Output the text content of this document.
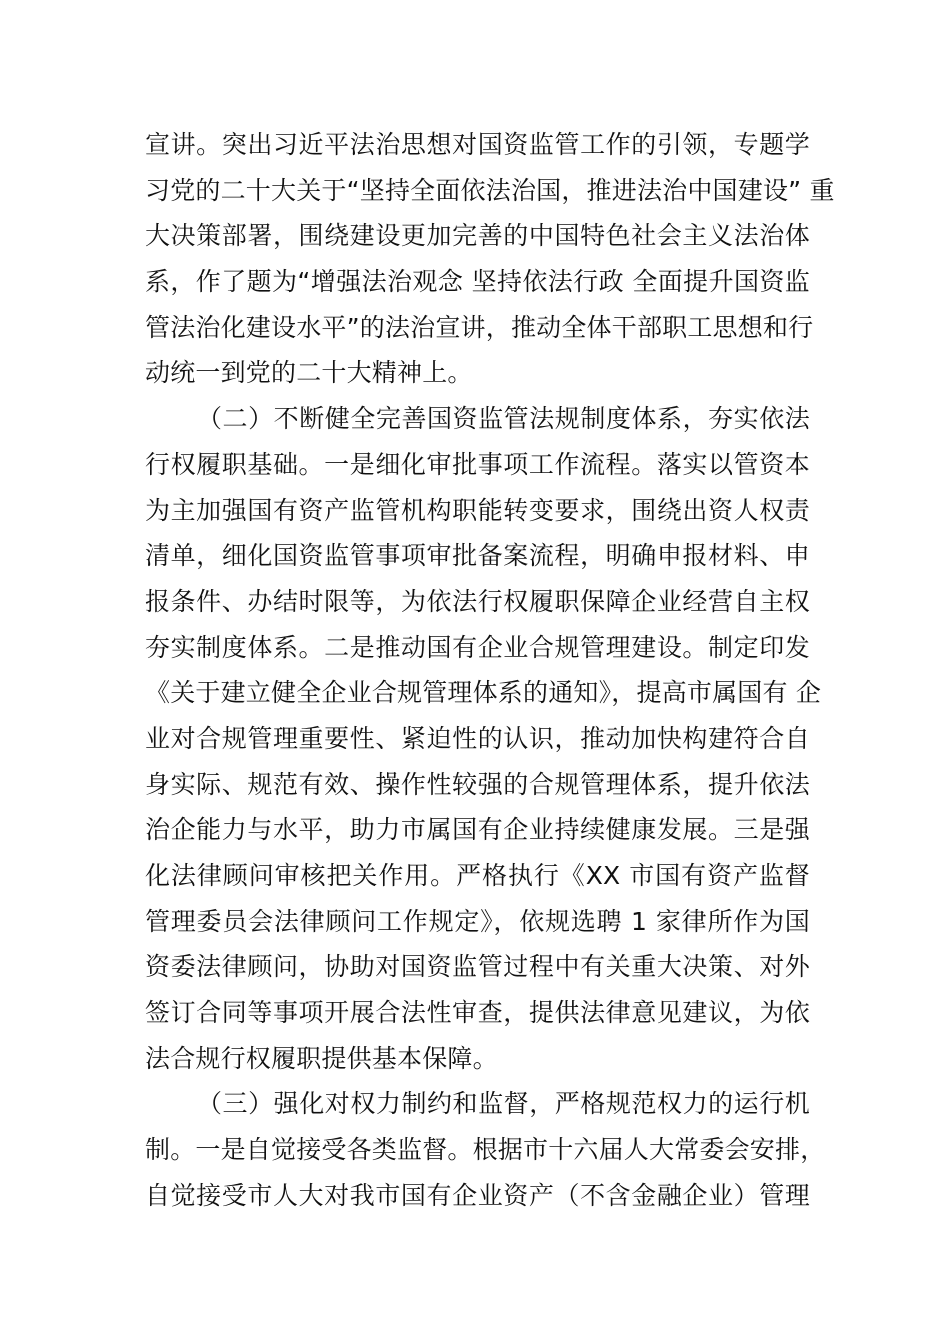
宣讲。突出习近平法治思想对国资监管工作的引领，专题学
习党的二十大关于“坚持全面依法治国，推进法治中国建设” 重
大决策部署，围绕建设更加完善的中国特色社会主义法治体
系，作了题为“增强法治观念 坚持依法行政 全面提升国资监
管法治化建设水平”的法治宣讲，推动全体干部职工思想和行
动统一到党的二十大精神上。
（二）不断健全完善国资监管法规制度体系，夯实依法
行权履职基础。一是细化审批事项工作流程。落实以管资本
为主加强国有资产监管机构职能转变要求，围绕出资人权责
清单，细化国资监管事项审批备案流程，明确申报材料、申
报条件、办结时限等，为依法行权履职保障企业经营自主权
夯实制度体系。二是推动国有企业合规管理建设。制定印发
《关于建立健全企业合规管理体系的通知》，提高市属国有 企
业对合规管理重要性、紧迫性的认识，推动加快构建符合自
身实际、规范有效、操作性较强的合规管理体系，提升依法
治企能力与水平，助力市属国有企业持续健康发展。三是强
化法律顾问审核把关作用。严格执行《XX 市国有资产监督
管理委员会法律顾问工作规定》，依规选聘 1 家律所作为国
资委法律顾问，协助对国资监管过程中有关重大决策、对外
签订合同等事项开展合法性审查，提供法律意见建议，为依
法合规行权履职提供基本保障。
（三）强化对权力制约和监督，严格规范权力的运行机
制。一是自觉接受各类监督。根据市十六届人大常委会安排，
自觉接受市人大对我市国有企业资产（不含金融企业）管理
